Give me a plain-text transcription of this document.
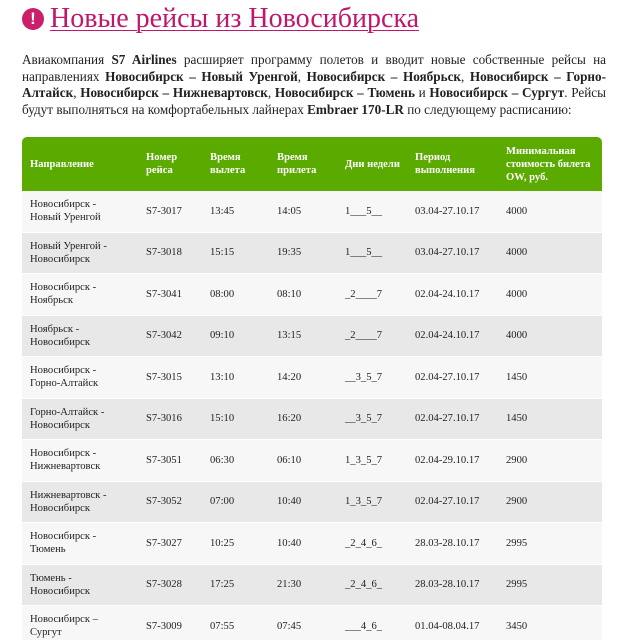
! Новые рейсы из Новосибирска

Авиакомпания S7 Airlines расширяет программу полетов и вводит новые собственные рейсы на направлениях Новосибирск – Новый Уренгой, Новосибирск – Ноябрьск, Новосибирск – Горно-Алтайск, Новосибирск – Нижневартовск, Новосибирск – Тюмень и Новосибирск – Сургут. Рейсы будут выполняться на комфортабельных лайнерах Embraer 170-LR по следующему расписанию:

Направление	Номер рейса	Время вылета	Время прилета	Дни недели	Период выполнения	Минимальная стоимость билета OW, руб.
Новосибирск -
Новый Уренгой	S7-3017	13:45	14:05	1___5__	03.04-27.10.17	4000
Новый Уренгой -
Новосибирск	S7-3018	15:15	19:35	1___5__	03.04-27.10.17	4000
Новосибирск -
Ноябрьск	S7-3041	08:00	08:10	_2____7	02.04-24.10.17	4000
Ноябрьск -
Новосибирск	S7-3042	09:10	13:15	_2____7	02.04-24.10.17	4000
Новосибирск -
Горно-Алтайск	S7-3015	13:10	14:20	__3_5_7	02.04-27.10.17	1450
Горно-Алтайск -
Новосибирск	S7-3016	15:10	16:20	__3_5_7	02.04-27.10.17	1450
Новосибирск -
Нижневартовск	S7-3051	06:30	06:10	1_3_5_7	02.04-29.10.17	2900
Нижневартовск -
Новосибирск	S7-3052	07:00	10:40	1_3_5_7	02.04-27.10.17	2900
Новосибирск -
Тюмень	S7-3027	10:25	10:40	_2_4_6_	28.03-28.10.17	2995
Тюмень -
Новосибирск	S7-3028	17:25	21:30	_2_4_6_	28.03-28.10.17	2995
Новосибирск –
Сургут	S7-3009	07:55	07:45	___4_6_	01.04-08.04.17	3450
